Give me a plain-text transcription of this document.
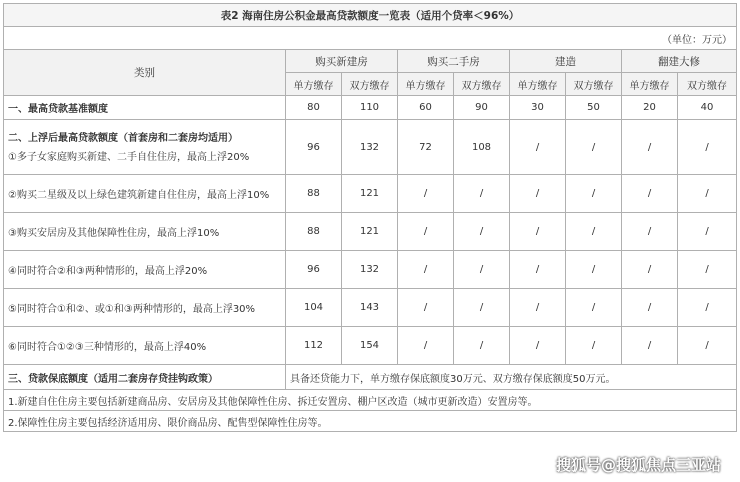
表2 海南住房公积金最高贷款额度一览表（适用个贷率＜96%）								
（单位：万元）								
类别	购买新建房		购买二手房		建造		翻建大修	
	单方缴存	双方缴存	单方缴存	双方缴存	单方缴存	双方缴存	单方缴存	双方缴存
一、最高贷款基准额度	80	110	60	90	30	50	20	40

二、上浮后最高贷款额度（首套房和二套房均适用）
①多子女家庭购买新建、二手自住住房，最高上浮20%	96	132	72	108	/	/	/	/
②购买二星级及以上绿色建筑新建自住住房，最高上浮10%	88	121	/	/	/	/	/	/
③购买安居房及其他保障性住房，最高上浮10%	88	121	/	/	/	/	/	/
④同时符合②和③两种情形的，最高上浮20%	96	132	/	/	/	/	/	/
⑤同时符合①和②、或①和③两种情形的，最高上浮30%	104	143	/	/	/	/	/	/
⑥同时符合①②③三种情形的，最高上浮40%	112	154	/	/	/	/	/	/
三、贷款保底额度（适用二套房存贷挂钩政策）	具备还贷能力下，单方缴存保底额度30万元、双方缴存保底额度50万元。							
1.新建自住住房主要包括新建商品房、安居房及其他保障性住房、拆迁安置房、棚户区改造（城市更新改造）安置房等。								
2.保障性住房主要包括经济适用房、限价商品房、配售型保障性住房等。								
搜狐号@搜狐焦点三亚站
